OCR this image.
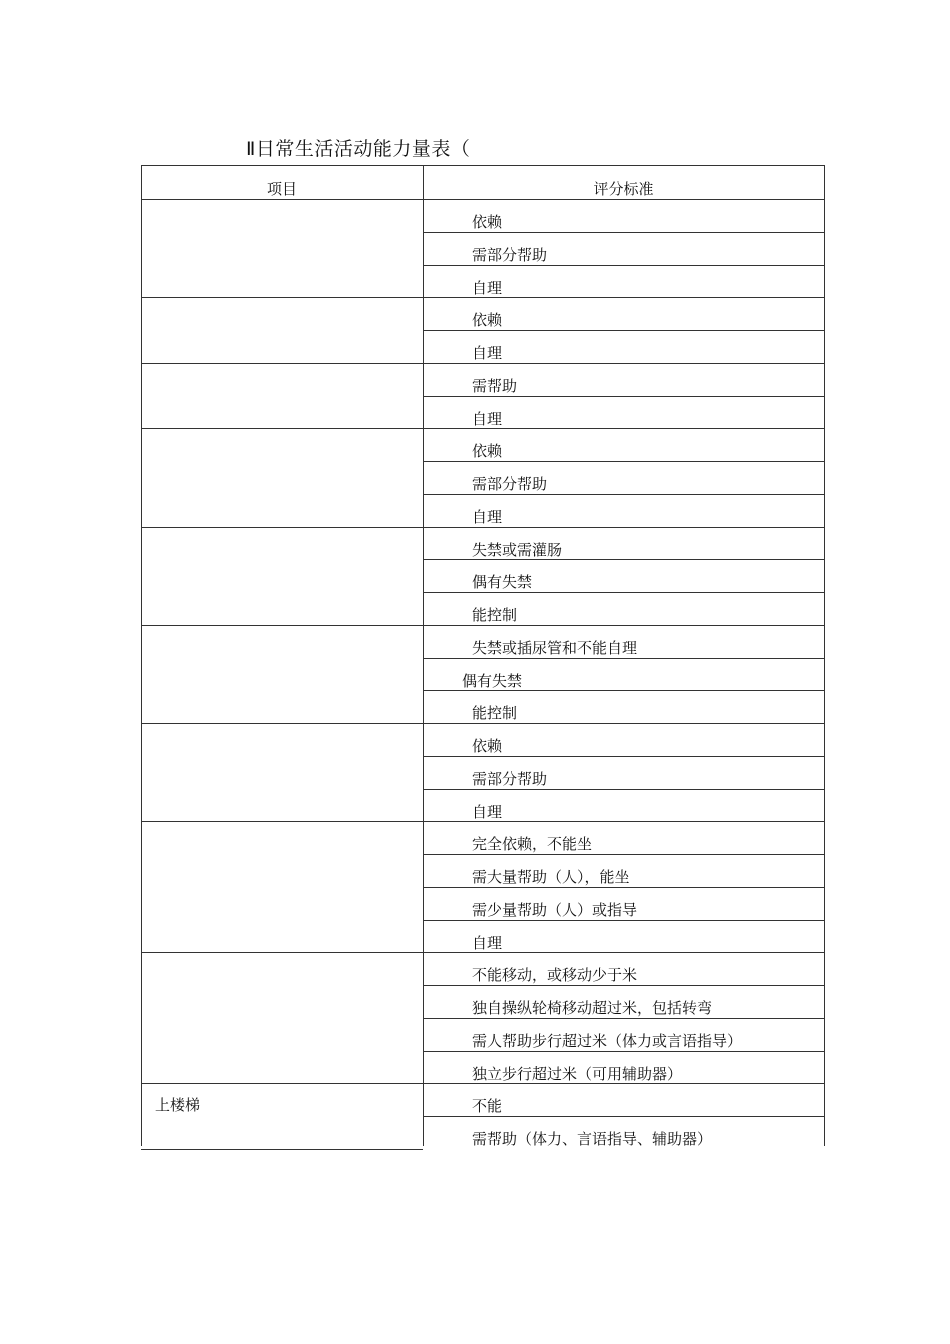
Ⅱ日常生活活动能力量表（
项目	评分标准
依赖
需部分帮助
自理
依赖
自理
需帮助
自理
依赖
需部分帮助
自理
失禁或需灌肠
偶有失禁
能控制
失禁或插尿管和不能自理
偶有失禁
能控制
依赖
需部分帮助
自理
完全依赖，不能坐
需大量帮助（人），能坐
需少量帮助（人）或指导
自理
不能移动，或移动少于米
独自操纵轮椅移动超过米，包括转弯
需人帮助步行超过米（体力或言语指导）
独立步行超过米（可用辅助器）
不能
需帮助（体力、言语指导、辅助器）
上楼梯
